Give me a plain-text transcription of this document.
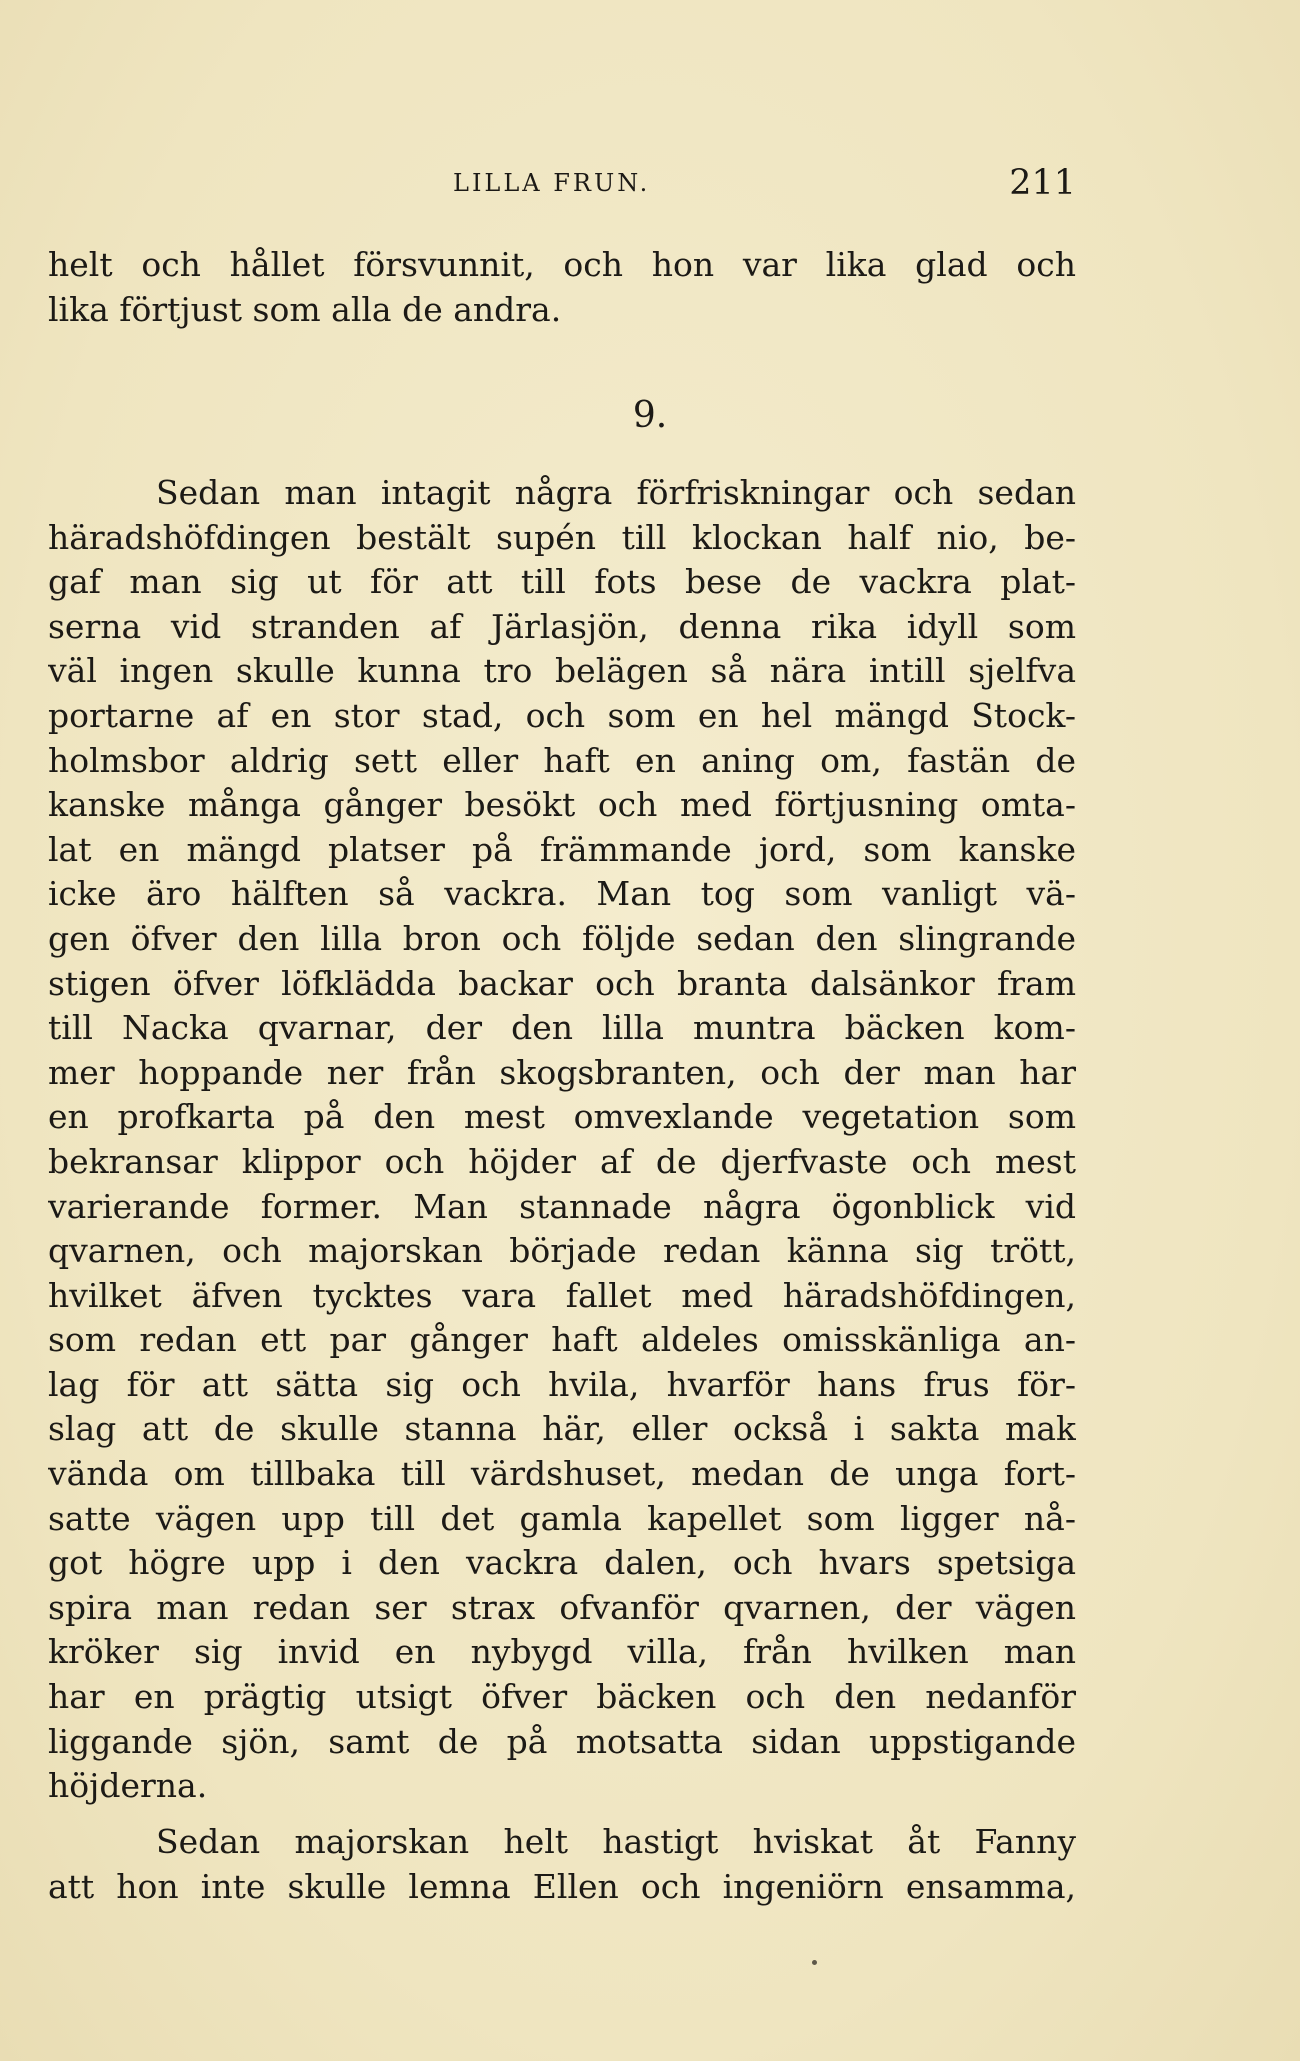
LILLA FRUN.	211
helt och hållet försvunnit, och hon var lika glad och
lika förtjust som alla de andra.
9.
Sedan man intagit några förfriskningar och sedan
häradshöfdingen bestält supén till klockan half nio, be-
gaf man sig ut för att till fots bese de vackra plat-
serna vid stranden af Järlasjön, denna rika idyll som
väl ingen skulle kunna tro belägen så nära intill sjelfva
portarne af en stor stad, och som en hel mängd Stock-
holmsbor aldrig sett eller haft en aning om, fastän de
kanske många gånger besökt och med förtjusning omta-
lat en mängd platser på främmande jord, som kanske
icke äro hälften så vackra. Man tog som vanligt vä-
gen öfver den lilla bron och följde sedan den slingrande
stigen öfver löfklädda backar och branta dalsänkor fram
till Nacka qvarnar, der den lilla muntra bäcken kom-
mer hoppande ner från skogsbranten, och der man har
en profkarta på den mest omvexlande vegetation som
bekransar klippor och höjder af de djerfvaste och mest
varierande former. Man stannade några ögonblick vid
qvarnen, och majorskan började redan känna sig trött,
hvilket äfven tycktes vara fallet med häradshöfdingen,
som redan ett par gånger haft aldeles omisskänliga an-
lag för att sätta sig och hvila, hvarför hans frus för-
slag att de skulle stanna här, eller också i sakta mak
vända om tillbaka till värdshuset, medan de unga fort-
satte vägen upp till det gamla kapellet som ligger nå-
got högre upp i den vackra dalen, och hvars spetsiga
spira man redan ser strax ofvanför qvarnen, der vägen
kröker sig invid en nybygd villa, från hvilken man
har en prägtig utsigt öfver bäcken och den nedanför
liggande sjön, samt de på motsatta sidan uppstigande
höjderna.
Sedan majorskan helt hastigt hviskat åt Fanny
att hon inte skulle lemna Ellen och ingeniörn ensamma,
